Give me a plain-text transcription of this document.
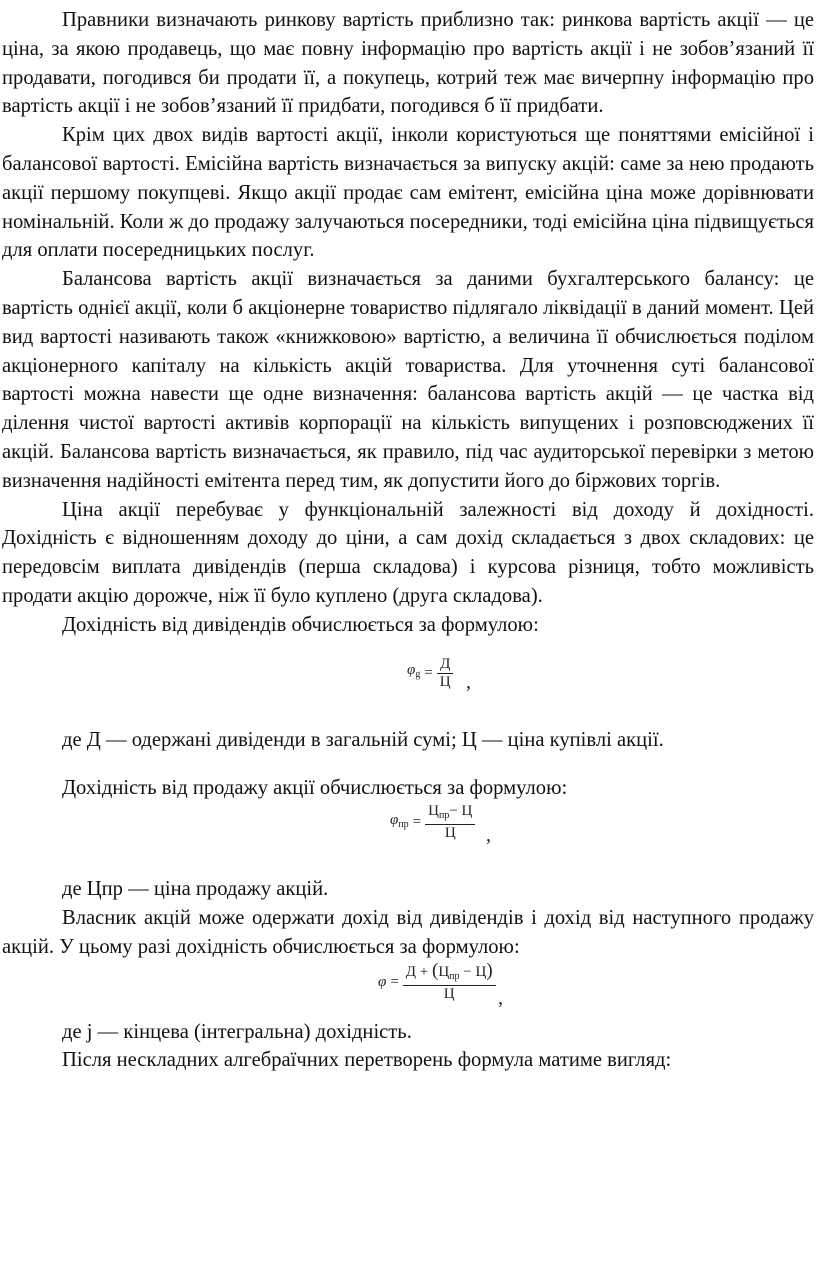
Правники визначають ринкову вартість приблизно так: ринкова вартість акції — це ціна, за якою продавець, що має повну інформацію про вартість акції і не зобов’язаний її продавати, погодився би продати її, а покупець, котрий теж має вичерпну інформацію про вартість акції і не зобов’язаний її придбати, погодився б її придбати.

Крім цих двох видів вартості акції, інколи користуються ще поняттями емісійної і балансової вартості. Емісійна вартість визначається за випуску акцій: саме за нею продають акції першому покупцеві. Якщо акції продає сам емітент, емісійна ціна може дорівнювати номінальній. Коли ж до продажу залучаються посередники, тоді емісійна ціна підвищується для оплати посередницьких послуг.

Балансова вартість акції визначається за даними бухгалтерського балансу: це вартість однієї акції, коли б акціонерне товариство підлягало ліквідації в даний момент. Цей вид вартості називають також «книжковою» вартістю, а величина її обчислюється поділом акціонерного капіталу на кількість акцій товариства. Для уточнення суті балансової вартості можна навести ще одне визначення: балансова вартість акцій — це частка від ділення чистої вартості активів корпорації на кількість випущених і розповсюджених її акцій. Балансова вартість визначається, як правило, під час аудиторської перевірки з метою визначення надійності емітента перед тим, як допустити його до біржових торгів.

Ціна акції перебуває у функціональній залежності від доходу й дохідності. Дохідність є відношенням доходу до ціни, а сам дохід складається з двох складових: це передовсім виплата дивідендів (перша складова) і курсова різниця, тобто можливість продати акцію дорожче, ніж її було куплено (друга складова).

Дохідність від дивідендів обчислюється за формулою:

$\varphi_g = \frac{Д}{Ц}$ ,

де Д — одержані дивіденди в загальній сумі; Ц — ціна купівлі акції.

Дохідність від продажу акції обчислюється за формулою:

$\varphi_{пр} = \frac{Ц_{пр}- Ц}{Ц}$ ,

де Цпр — ціна продажу акцій.

Власник акцій може одержати дохід від дивідендів і дохід від наступного продажу акцій. У цьому разі дохідність обчислюється за формулою:

$\varphi = \frac{Д + (Ц_{пр} - Ц)}{Ц}$ ,

де j — кінцева (інтегральна) дохідність.

Після нескладних алгебраїчних перетворень формула матиме вигляд:
